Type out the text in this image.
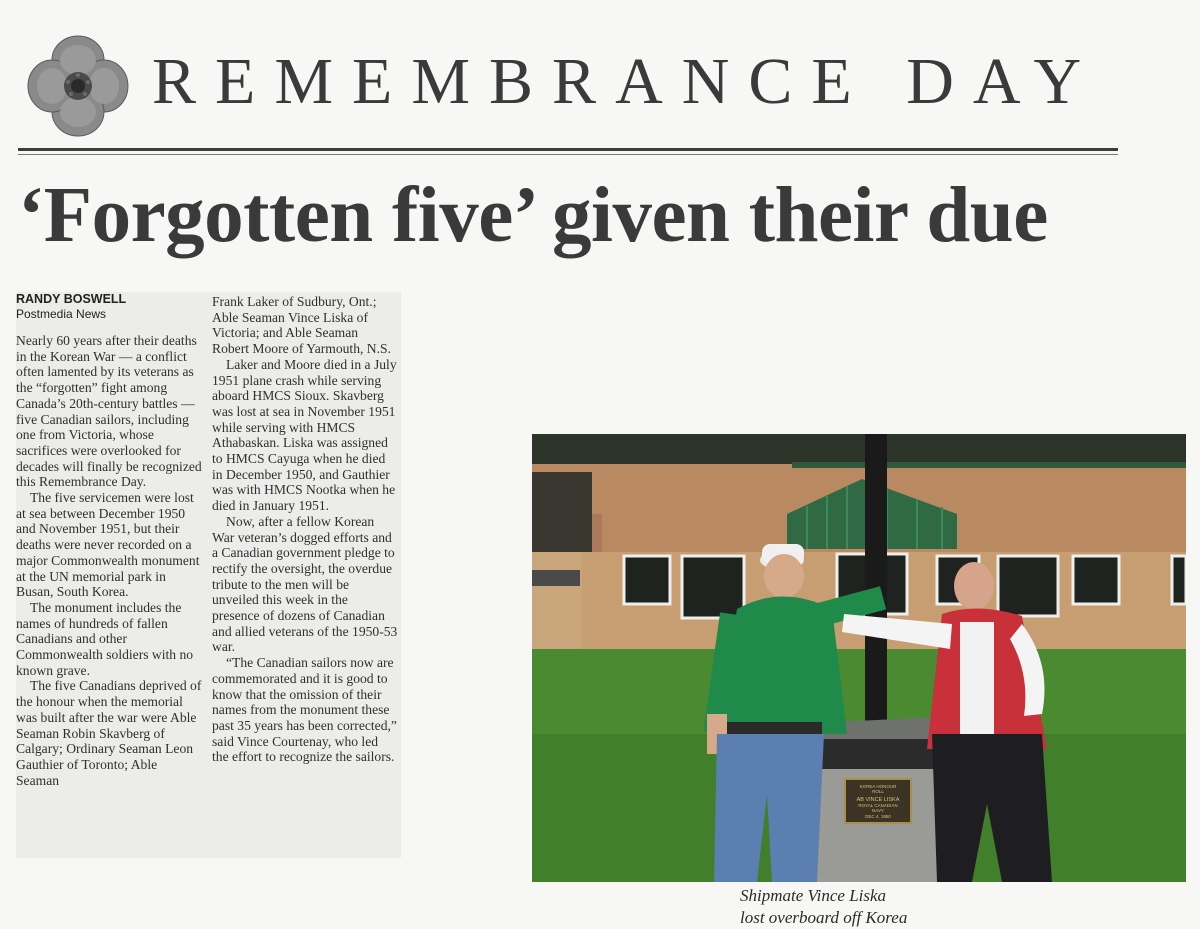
REMEMBRANCE DAY
‘Forgotten five’ given their due
RANDY BOSWELL
Postmedia News

Nearly 60 years after their deaths in the Korean War — a conflict often lamented by its veterans as the “forgotten” fight among Canada’s 20th-century battles — five Canadian sailors, including one from Victoria, whose sacrifices were overlooked for decades will finally be recognized this Remembrance Day.

The five servicemen were lost at sea between December 1950 and November 1951, but their deaths were never recorded on a major Commonwealth monument at the UN memorial park in Busan, South Korea.

The monument includes the names of hundreds of fallen Canadians and other Commonwealth soldiers with no known grave.

The five Canadians deprived of the honour when the memorial was built after the war were Able Seaman Robin Skavberg of Calgary; Ordinary Seaman Leon Gauthier of Toronto; Able Seaman

Frank Laker of Sudbury, Ont.; Able Seaman Vince Liska of Victoria; and Able Seaman Robert Moore of Yarmouth, N.S.

Laker and Moore died in a July 1951 plane crash while serving aboard HMCS Sioux. Skavberg was lost at sea in November 1951 while serving with HMCS Athabaskan. Liska was assigned to HMCS Cayuga when he died in December 1950, and Gauthier was with HMCS Nootka when he died in January 1951.

Now, after a fellow Korean War veteran’s dogged efforts and a Canadian government pledge to rectify the oversight, the overdue tribute to the men will be unveiled this week in the presence of dozens of Canadian and allied veterans of the 1950-53 war.

“The Canadian sailors now are commemorated and it is good to know that the omission of their names from the monument these past 35 years has been corrected,” said Vince Courtenay, who led the effort to recognize the sailors.

KOREA HONOUR
ROLL
AB VINCE LISKA
ROYAL CANADIAN
NAVY
DEC 4, 1950
Shipmate Vince Liska
lost overboard off Korea
